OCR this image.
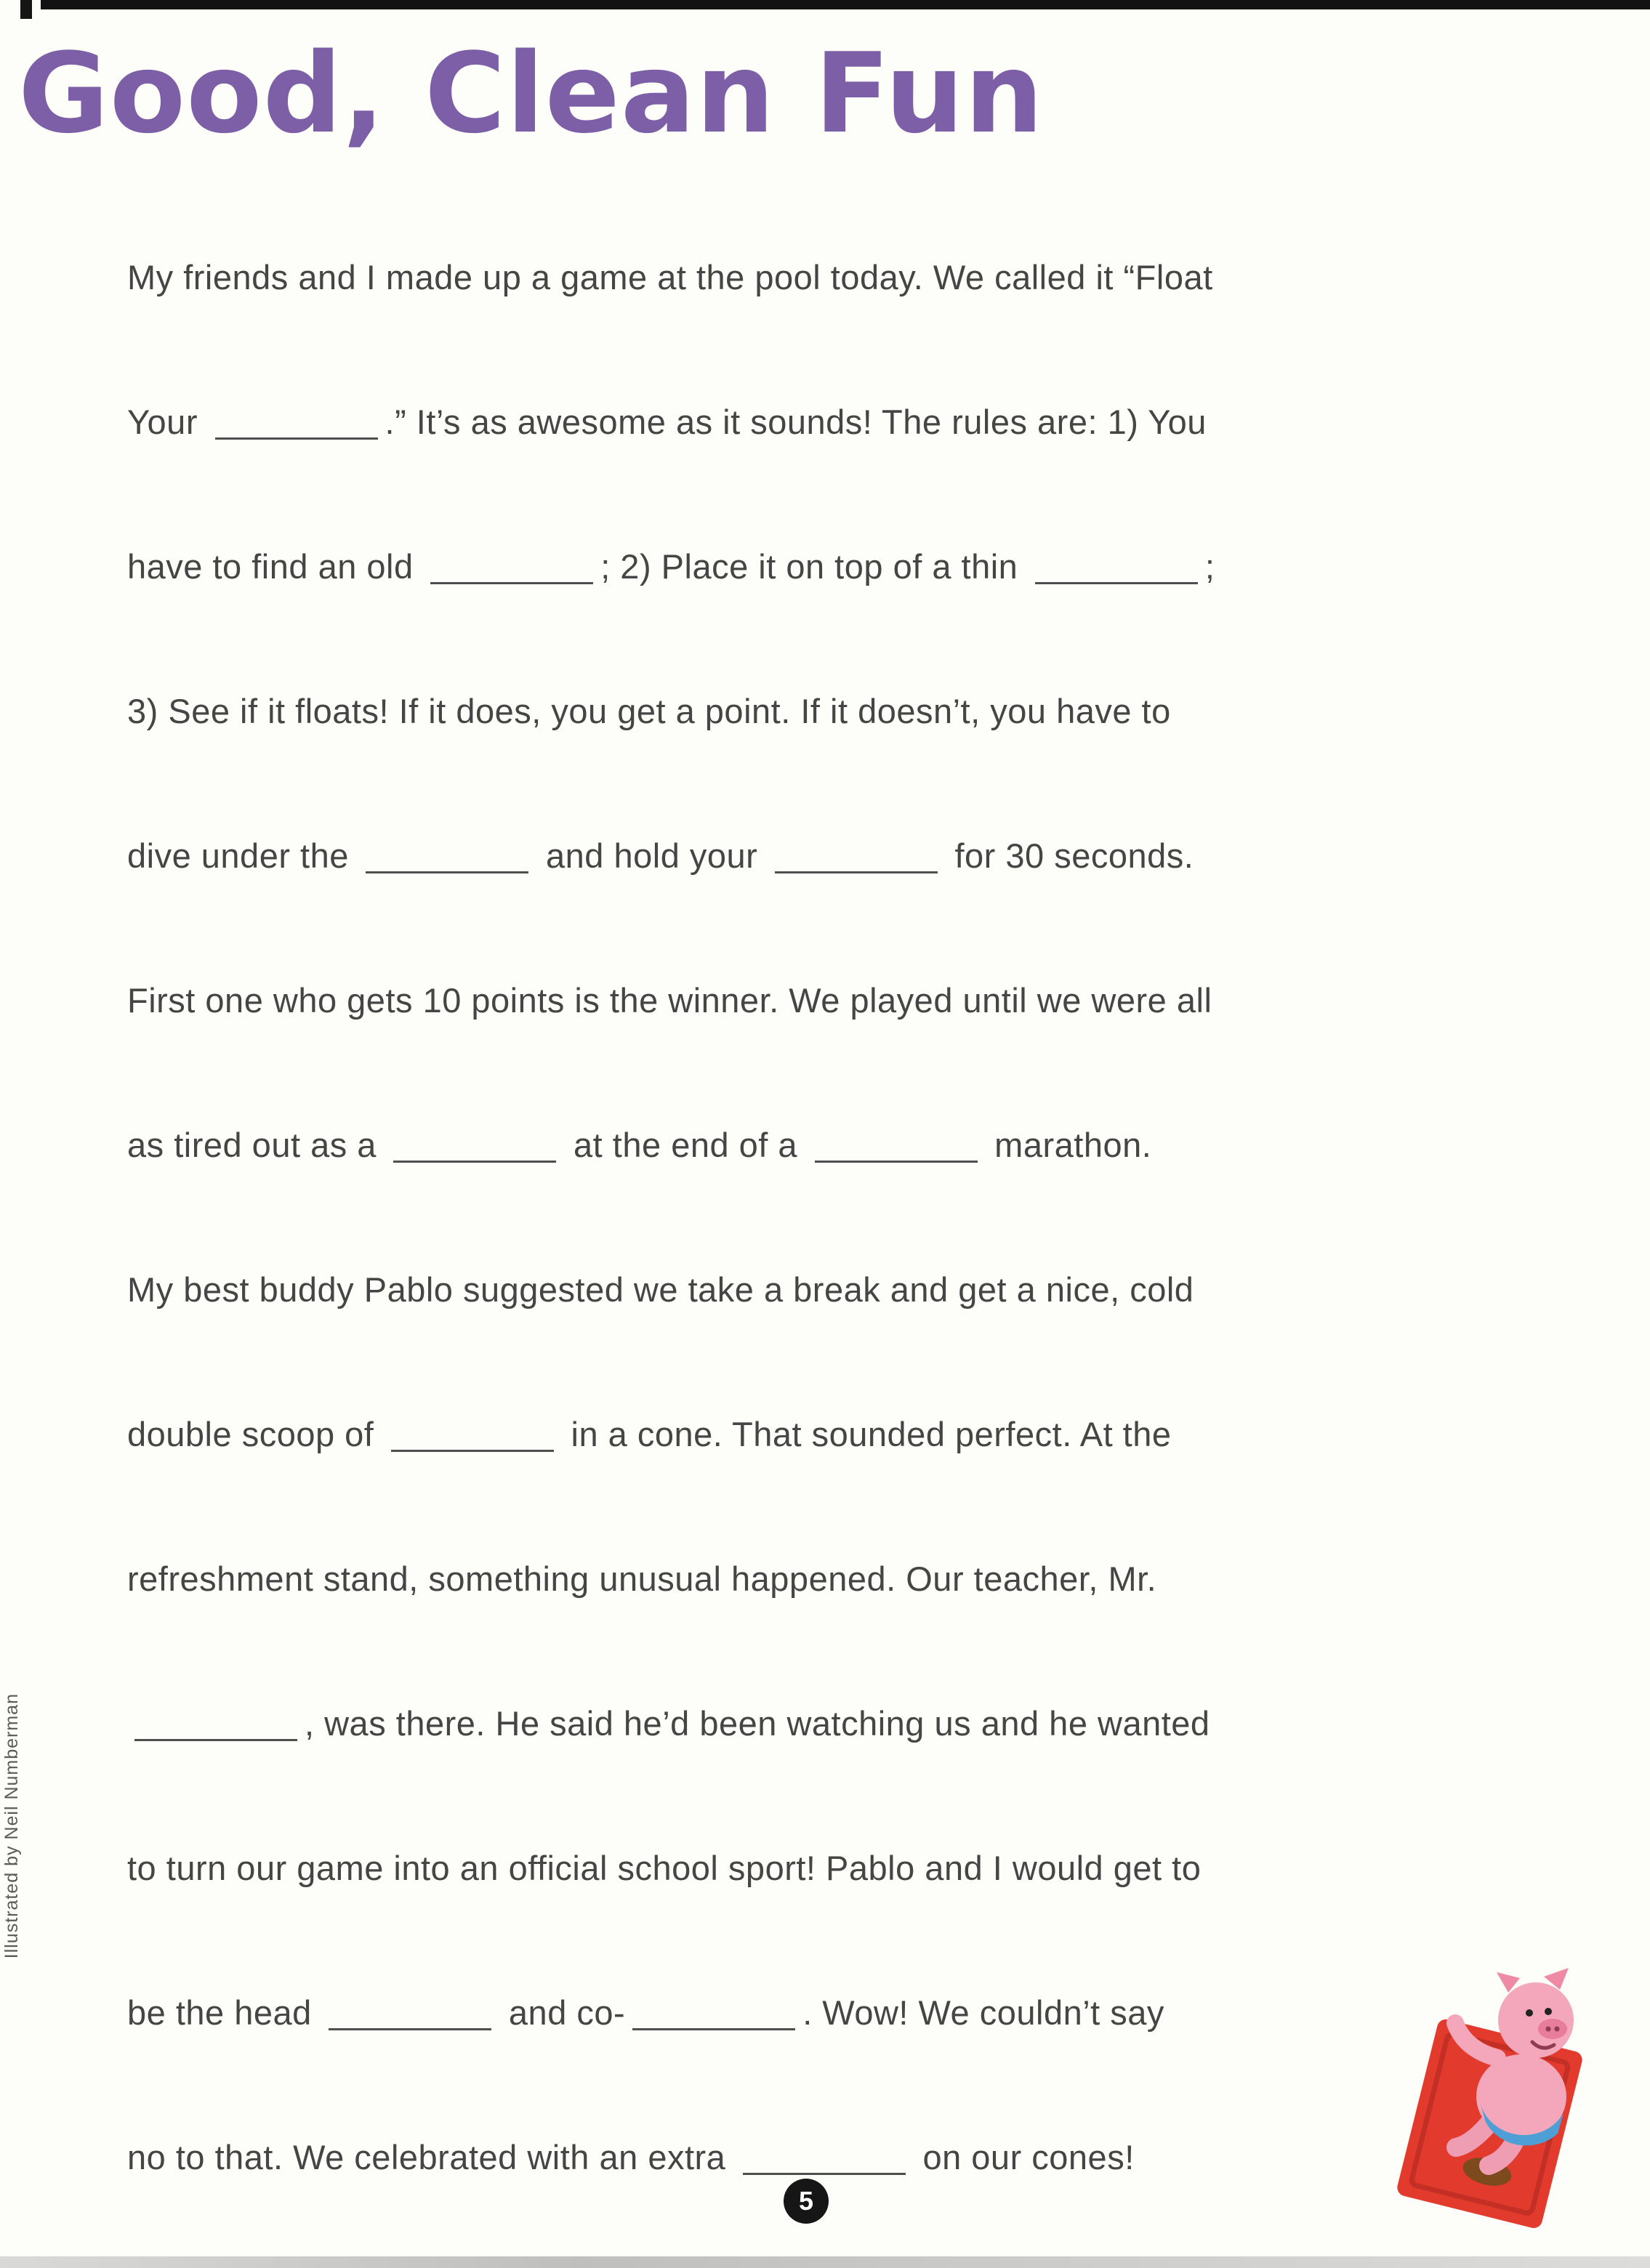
Good, Clean Fun
My friends and I made up a game at the pool today. We called it “Float
Your	.” It’s as awesome as it sounds! The rules are: 1) You
have to find an old	; 2) Place it on top of a thin	;
3) See if it floats! If it does, you get a point. If it doesn’t, you have to
dive under the	and hold your	for 30 seconds.
First one who gets 10 points is the winner. We played until we were all
as tired out as a	at the end of a	marathon.
My best buddy Pablo suggested we take a break and get a nice, cold
double scoop of	in a cone. That sounded perfect. At the
refreshment stand, something unusual happened. Our teacher, Mr.
, was there. He said he’d been watching us and he wanted
to turn our game into an official school sport! Pablo and I would get to
be the head	and co-	. Wow! We couldn’t say
no to that. We celebrated with an extra	on our cones!
Illustrated by Neil Numberman
5
